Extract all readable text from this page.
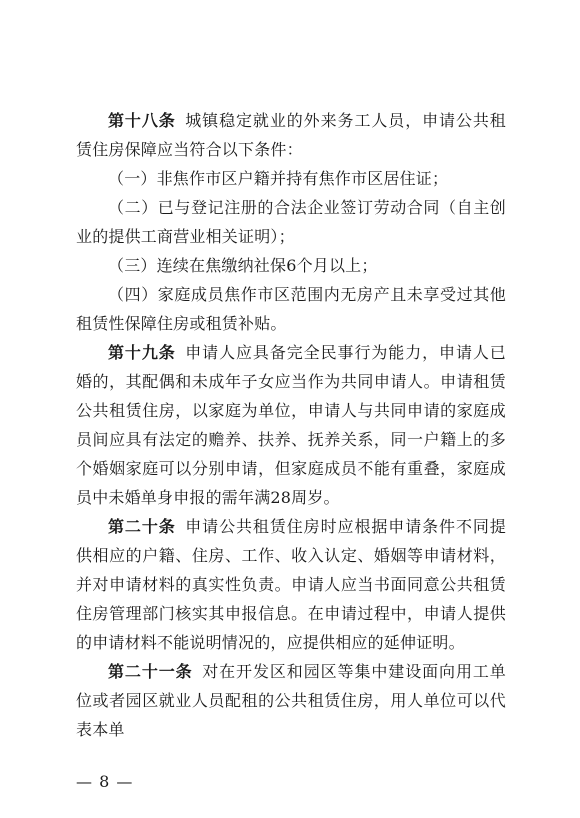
第十八条 城镇稳定就业的外来务工人员，申请公共租赁住房保障应当符合以下条件：

（一）非焦作市区户籍并持有焦作市区居住证；

（二）已与登记注册的合法企业签订劳动合同（自主创业的提供工商营业相关证明）；

（三）连续在焦缴纳社保6个月以上；

（四）家庭成员焦作市区范围内无房产且未享受过其他租赁性保障住房或租赁补贴。

第十九条 申请人应具备完全民事行为能力，申请人已婚的，其配偶和未成年子女应当作为共同申请人。申请租赁公共租赁住房，以家庭为单位，申请人与共同申请的家庭成员间应具有法定的赡养、扶养、抚养关系，同一户籍上的多个婚姻家庭可以分别申请，但家庭成员不能有重叠，家庭成员中未婚单身申报的需年满28周岁。

第二十条 申请公共租赁住房时应根据申请条件不同提供相应的户籍、住房、工作、收入认定、婚姻等申请材料，并对申请材料的真实性负责。申请人应当书面同意公共租赁住房管理部门核实其申报信息。在申请过程中，申请人提供的申请材料不能说明情况的，应提供相应的延伸证明。

第二十一条 对在开发区和园区等集中建设面向用工单位或者园区就业人员配租的公共租赁住房，用人单位可以代表本单

— 8 —
